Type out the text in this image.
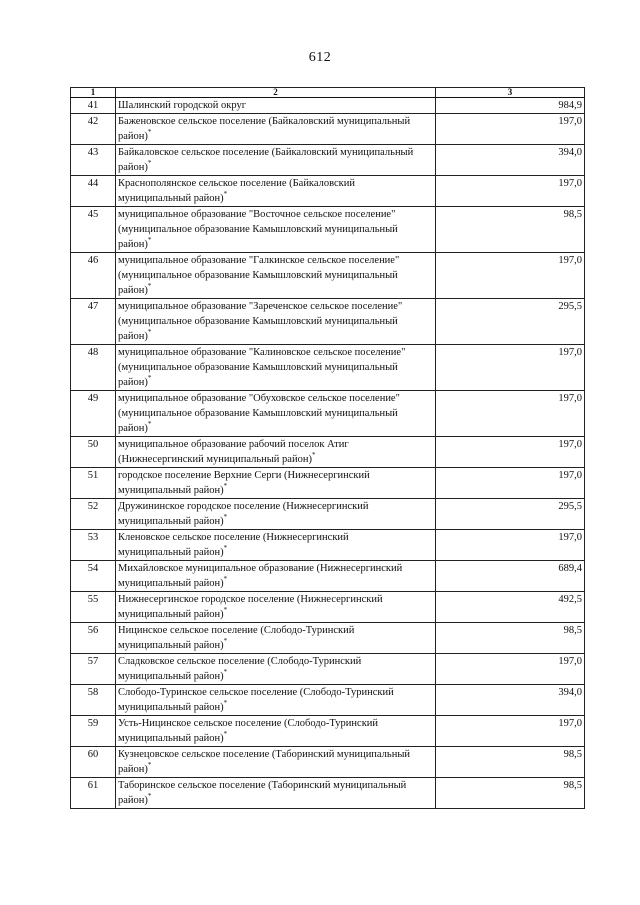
612
1	2	3
41	Шалинский городской округ	984,9
42	Баженовское сельское поселение (Байкаловский муниципальный
район)*	197,0
43	Байкаловское сельское поселение (Байкаловский муниципальный
район)*	394,0
44	Краснополянское сельское поселение (Байкаловский
муниципальный район)*	197,0
45	муниципальное образование "Восточное сельское поселение"
(муниципальное образование Камышловский муниципальный
район)*	98,5
46	муниципальное образование "Галкинское сельское поселение"
(муниципальное образование Камышловский муниципальный
район)*	197,0
47	муниципальное образование "Зареченское сельское поселение"
(муниципальное образование Камышловский муниципальный
район)*	295,5
48	муниципальное образование "Калиновское сельское поселение"
(муниципальное образование Камышловский муниципальный
район)*	197,0
49	муниципальное образование "Обуховское сельское поселение"
(муниципальное образование Камышловский муниципальный
район)*	197,0
50	муниципальное образование рабочий поселок Атиг
(Нижнесергинский муниципальный район)*	197,0
51	городское поселение Верхние Серги (Нижнесергинский
муниципальный район)*	197,0
52	Дружининское городское поселение (Нижнесергинский
муниципальный район)*	295,5
53	Кленовское сельское поселение (Нижнесергинский
муниципальный район)*	197,0
54	Михайловское муниципальное образование (Нижнесергинский
муниципальный район)*	689,4
55	Нижнесергинское городское поселение (Нижнесергинский
муниципальный район)*	492,5
56	Ницинское сельское поселение (Слободо-Туринский
муниципальный район)*	98,5
57	Сладковское сельское поселение (Слободо-Туринский
муниципальный район)*	197,0
58	Слободо-Туринское сельское поселение (Слободо-Туринский
муниципальный район)*	394,0
59	Усть-Ницинское сельское поселение (Слободо-Туринский
муниципальный район)*	197,0
60	Кузнецовское сельское поселение (Таборинский муниципальный
район)*	98,5
61	Таборинское сельское поселение (Таборинский муниципальный
район)*	98,5
